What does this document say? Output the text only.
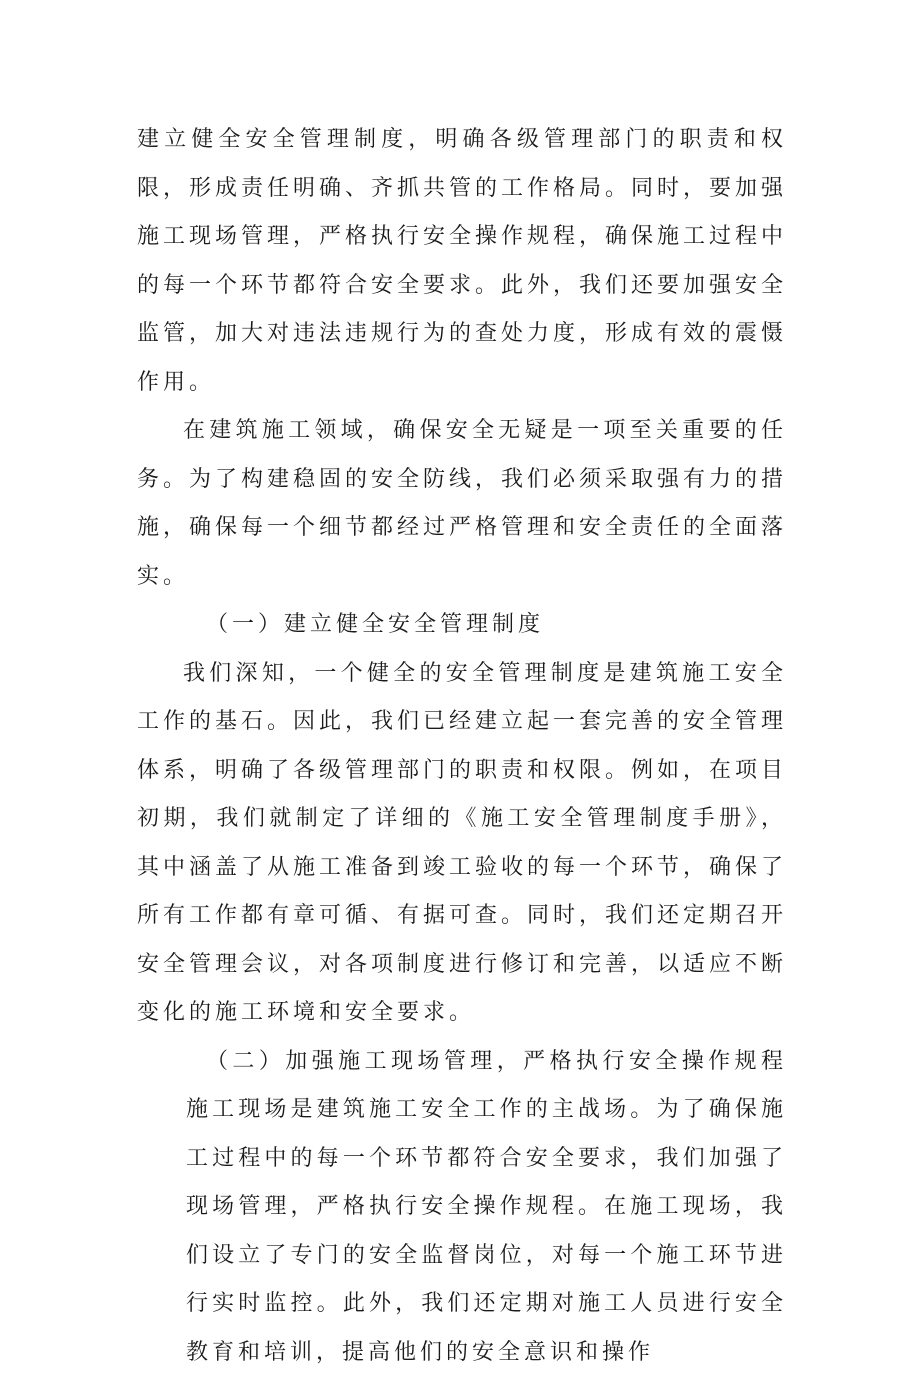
建立健全安全管理制度，明确各级管理部门的职责和权限，形成责任明确、齐抓共管的工作格局。同时，要加强施工现场管理，严格执行安全操作规程，确保施工过程中的每一个环节都符合安全要求。此外，我们还要加强安全监管，加大对违法违规行为的查处力度，形成有效的震慑作用。

在建筑施工领域，确保安全无疑是一项至关重要的任务。为了构建稳固的安全防线，我们必须采取强有力的措施，确保每一个细节都经过严格管理和安全责任的全面落实。

（一）建立健全安全管理制度

我们深知，一个健全的安全管理制度是建筑施工安全工作的基石。因此，我们已经建立起一套完善的安全管理体系，明确了各级管理部门的职责和权限。例如，在项目初期，我们就制定了详细的《施工安全管理制度手册》，其中涵盖了从施工准备到竣工验收的每一个环节，确保了所有工作都有章可循、有据可查。同时，我们还定期召开安全管理会议，对各项制度进行修订和完善，以适应不断变化的施工环境和安全要求。

（二）加强施工现场管理，严格执行安全操作规程施工现场是建筑施工安全工作的主战场。为了确保施工过程中的每一个环节都符合安全要求，我们加强了现场管理，严格执行安全操作规程。在施工现场，我们设立了专门的安全监督岗位，对每一个施工环节进行实时监控。此外，我们还定期对施工人员进行安全教育和培训，提高他们的安全意识和操作
